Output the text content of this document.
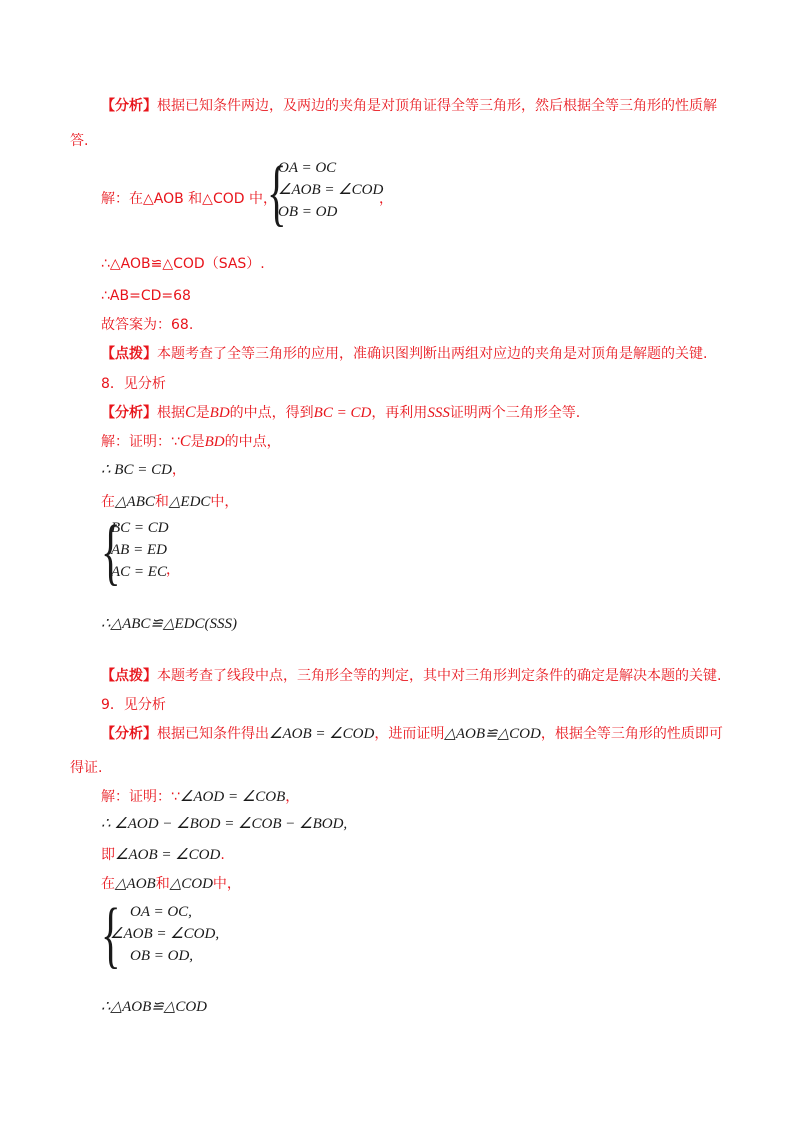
【分析】根据已知条件两边，及两边的夹角是对顶角证得全等三角形，然后根据全等三角形的性质解
答.
解：在△AOB 和△COD 中，
{
OA = OC
∠AOB = ∠COD
OB = OD
，
∴△AOB≌△COD（SAS）.
∴AB=CD=68
故答案为：68.
【点拨】本题考查了全等三角形的应用，准确识图判断出两组对应边的夹角是对顶角是解题的关键.
8．见分析
【分析】根据C是BD的中点，得到BC = CD，再利用SSS证明两个三角形全等.
解：证明：∵C是BD的中点，
∴ BC = CD，
在△ABC和△EDC中，
{
BC = CD
AB = ED
AC = EC ，
∴△ABC≌△EDC(SSS)
【点拨】本题考查了线段中点，三角形全等的判定，其中对三角形判定条件的确定是解决本题的关键.
9．见分析
【分析】根据已知条件得出∠AOB = ∠COD，进而证明△AOB≌△COD，根据全等三角形的性质即可
得证.
解：证明：∵∠AOD = ∠COB，
∴ ∠AOD − ∠BOD = ∠COB − ∠BOD,
即∠AOB = ∠COD.
在△AOB和△COD中，
{ OA = OC,
∠AOB = ∠COD,
OB = OD,
∴△AOB≌△COD
